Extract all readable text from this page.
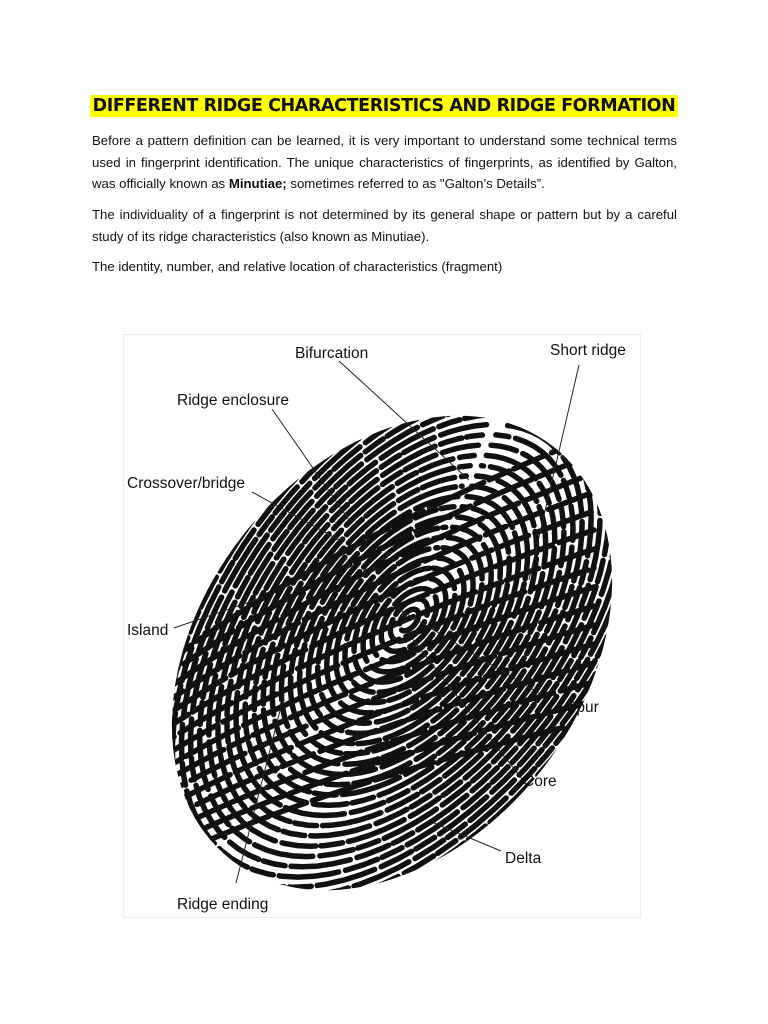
DIFFERENT RIDGE CHARACTERISTICS AND RIDGE FORMATION

Before a pattern definition can be learned, it is very important to understand some technical terms used in fingerprint identification. The unique characteristics of fingerprints, as identified by Galton, was officially known as Minutiae; sometimes referred to as "Galton’s Details”.

The individuality of a fingerprint is not determined by its general shape or pattern but by a careful study of its ridge characteristics (also known as Minutiae).

The identity, number, and relative location of characteristics (fragment)

Bifurcation	Short ridge
Ridge enclosure
Crossover/bridge
Island
Spur
Core
Delta
Ridge ending
